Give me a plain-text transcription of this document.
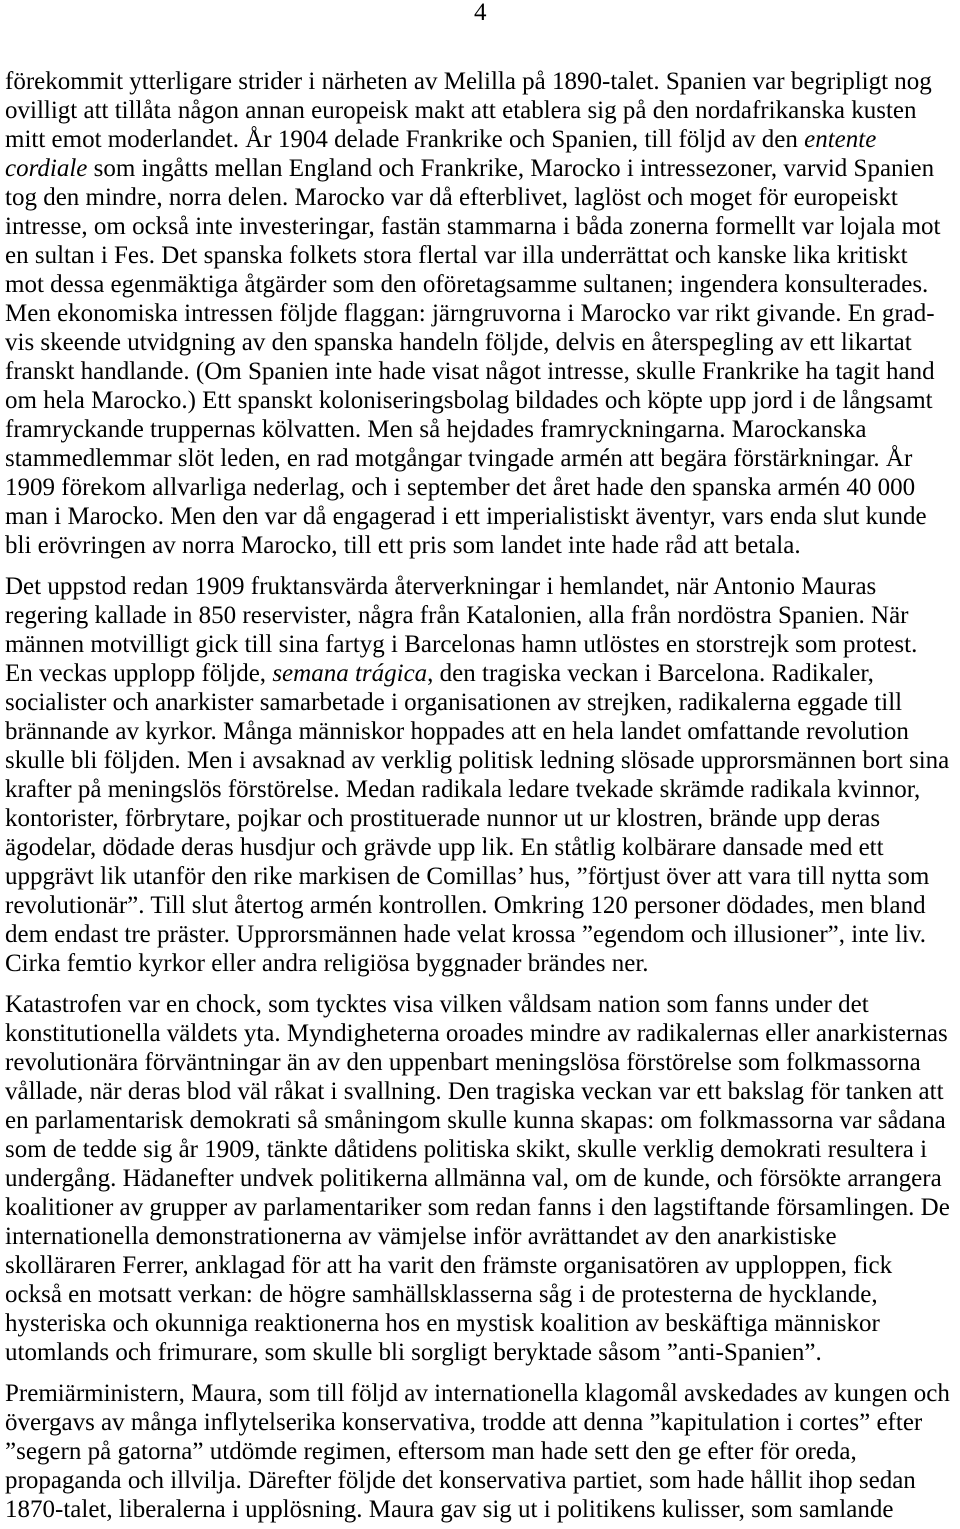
4
förekommit ytterligare strider i närheten av Melilla på 1890-talet. Spanien var begripligt nog
ovilligt att tillåta någon annan europeisk makt att etablera sig på den nordafrikanska kusten
mitt emot moderlandet. År 1904 delade Frankrike och Spanien, till följd av den entente
cordiale som ingåtts mellan England och Frankrike, Marocko i intressezoner, varvid Spanien
tog den mindre, norra delen. Marocko var då efterblivet, laglöst och moget för europeiskt
intresse, om också inte investeringar, fastän stammarna i båda zonerna formellt var lojala mot
en sultan i Fes. Det spanska folkets stora flertal var illa underrättat och kanske lika kritiskt
mot dessa egenmäktiga åtgärder som den oföretagsamme sultanen; ingendera konsulterades.
Men ekonomiska intressen följde flaggan: järngruvorna i Marocko var rikt givande. En grad-
vis skeende utvidgning av den spanska handeln följde, delvis en återspegling av ett likartat
franskt handlande. (Om Spanien inte hade visat något intresse, skulle Frankrike ha tagit hand
om hela Marocko.) Ett spanskt koloniseringsbolag bildades och köpte upp jord i de långsamt
framryckande truppernas kölvatten. Men så hejdades framryckningarna. Marockanska
stammedlemmar slöt leden, en rad motgångar tvingade armén att begära förstärkningar. År
1909 förekom allvarliga nederlag, och i september det året hade den spanska armén 40 000
man i Marocko. Men den var då engagerad i ett imperialistiskt äventyr, vars enda slut kunde
bli erövringen av norra Marocko, till ett pris som landet inte hade råd att betala.
Det uppstod redan 1909 fruktansvärda återverkningar i hemlandet, när Antonio Mauras
regering kallade in 850 reservister, några från Katalonien, alla från nordöstra Spanien. När
männen motvilligt gick till sina fartyg i Barcelonas hamn utlöstes en storstrejk som protest.
En veckas upplopp följde, semana trágica, den tragiska veckan i Barcelona. Radikaler,
socialister och anarkister samarbetade i organisationen av strejken, radikalerna eggade till
brännande av kyrkor. Många människor hoppades att en hela landet omfattande revolution
skulle bli följden. Men i avsaknad av verklig politisk ledning slösade upprorsmännen bort sina
krafter på meningslös förstörelse. Medan radikala ledare tvekade skrämde radikala kvinnor,
kontorister, förbrytare, pojkar och prostituerade nunnor ut ur klostren, brände upp deras
ägodelar, dödade deras husdjur och grävde upp lik. En ståtlig kolbärare dansade med ett
uppgrävt lik utanför den rike markisen de Comillas’ hus, ”förtjust över att vara till nytta som
revolutionär”. Till slut återtog armén kontrollen. Omkring 120 personer dödades, men bland
dem endast tre präster. Upprorsmännen hade velat krossa ”egendom och illusioner”, inte liv.
Cirka femtio kyrkor eller andra religiösa byggnader brändes ner.
Katastrofen var en chock, som tycktes visa vilken våldsam nation som fanns under det
konstitutionella väldets yta. Myndigheterna oroades mindre av radikalernas eller anarkisternas
revolutionära förväntningar än av den uppenbart meningslösa förstörelse som folkmassorna
vållade, när deras blod väl råkat i svallning. Den tragiska veckan var ett bakslag för tanken att
en parlamentarisk demokrati så småningom skulle kunna skapas: om folkmassorna var sådana
som de tedde sig år 1909, tänkte dåtidens politiska skikt, skulle verklig demokrati resultera i
undergång. Hädanefter undvek politikerna allmänna val, om de kunde, och försökte arrangera
koalitioner av grupper av parlamentariker som redan fanns i den lagstiftande församlingen. De
internationella demonstrationerna av vämjelse inför avrättandet av den anarkistiske
skolläraren Ferrer, anklagad för att ha varit den främste organisatören av upploppen, fick
också en motsatt verkan: de högre samhällsklasserna såg i de protesterna de hycklande,
hysteriska och okunniga reaktionerna hos en mystisk koalition av beskäftiga människor
utomlands och frimurare, som skulle bli sorgligt beryktade såsom ”anti-Spanien”.
Premiärministern, Maura, som till följd av internationella klagomål avskedades av kungen och
övergavs av många inflytelserika konservativa, trodde att denna ”kapitulation i cortes” efter
”segern på gatorna” utdömde regimen, eftersom man hade sett den ge efter för oreda,
propaganda och illvilja. Därefter följde det konservativa partiet, som hade hållit ihop sedan
1870-talet, liberalerna i upplösning. Maura gav sig ut i politikens kulisser, som samlande
